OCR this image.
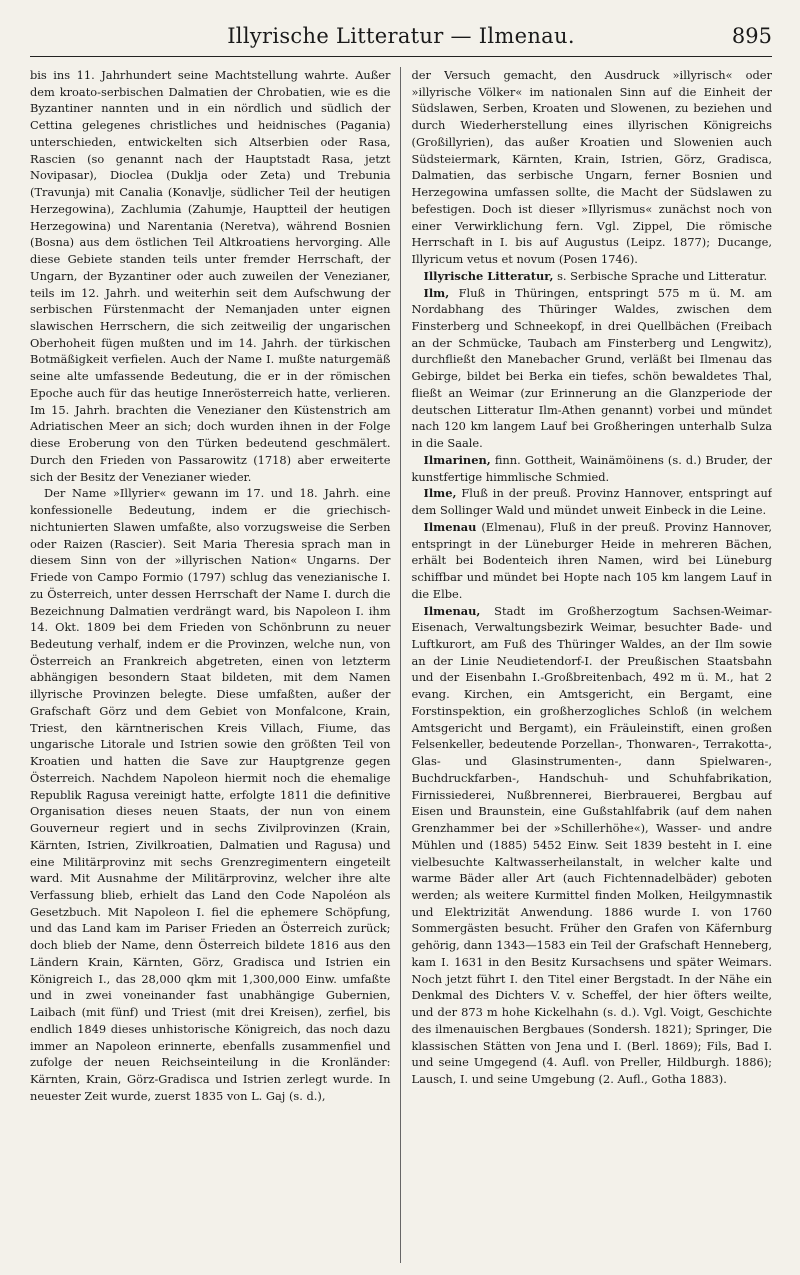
Illyrische Litteratur — Ilmenau.	895

bis ins 11. Jahrhundert seine Machtstellung wahrte. Außer dem kroato-serbischen Dalmatien der Chrobatien, wie es die Byzantiner nannten und in ein nördlich und südlich der Cettina gelegenes christliches und heidnisches (Pagania) unterschieden, entwickelten sich Altserbien oder Rasa, Rascien (so genannt nach der Hauptstadt Rasa, jetzt Novipasar), Dioclea (Duklja oder Zeta) und Trebunia (Travunja) mit Canalia (Konavlje, südlicher Teil der heutigen Herzegowina), Zachlumia (Zahumje, Hauptteil der heutigen Herzegowina) und Narentania (Neretva), während Bosnien (Bosna) aus dem östlichen Teil Altkroatiens hervorging. Alle diese Gebiete standen teils unter fremder Herrschaft, der Ungarn, der Byzantiner oder auch zuweilen der Venezianer, teils im 12. Jahrh. und weiterhin seit dem Aufschwung der serbischen Fürstenmacht der Nemanjaden unter eignen slawischen Herrschern, die sich zeitweilig der ungarischen Oberhoheit fügen mußten und im 14. Jahrh. der türkischen Botmäßigkeit verfielen. Auch der Name I. mußte naturgemäß seine alte umfassende Bedeutung, die er in der römischen Epoche auch für das heutige Innerösterreich hatte, verlieren. Im 15. Jahrh. brachten die Venezianer den Küstenstrich am Adriatischen Meer an sich; doch wurden ihnen in der Folge diese Eroberung von den Türken bedeutend geschmälert. Durch den Frieden von Passarowitz (1718) aber erweiterte sich der Besitz der Venezianer wieder.

Der Name »Illyrier« gewann im 17. und 18. Jahrh. eine konfessionelle Bedeutung, indem er die griechisch-nichtunierten Slawen umfaßte, also vorzugsweise die Serben oder Raizen (Rascier). Seit Maria Theresia sprach man in diesem Sinn von der »illyrischen Nation« Ungarns. Der Friede von Campo Formio (1797) schlug das venezianische I. zu Österreich, unter dessen Herrschaft der Name I. durch die Bezeichnung Dalmatien verdrängt ward, bis Napoleon I. ihm 14. Okt. 1809 bei dem Frieden von Schönbrunn zu neuer Bedeutung verhalf, indem er die Provinzen, welche nun, von Österreich an Frankreich abgetreten, einen von letzterm abhängigen besondern Staat bildeten, mit dem Namen illyrische Provinzen belegte. Diese umfaßten, außer der Grafschaft Görz und dem Gebiet von Monfalcone, Krain, Triest, den kärntnerischen Kreis Villach, Fiume, das ungarische Litorale und Istrien sowie den größten Teil von Kroatien und hatten die Save zur Hauptgrenze gegen Österreich. Nachdem Napoleon hiermit noch die ehemalige Republik Ragusa vereinigt hatte, erfolgte 1811 die definitive Organisation dieses neuen Staats, der nun von einem Gouverneur regiert und in sechs Zivilprovinzen (Krain, Kärnten, Istrien, Zivilkroatien, Dalmatien und Ragusa) und eine Militärprovinz mit sechs Grenzregimentern eingeteilt ward. Mit Ausnahme der Militärprovinz, welcher ihre alte Verfassung blieb, erhielt das Land den Code Napoléon als Gesetzbuch. Mit Napoleon I. fiel die ephemere Schöpfung, und das Land kam im Pariser Frieden an Österreich zurück; doch blieb der Name, denn Österreich bildete 1816 aus den Ländern Krain, Kärnten, Görz, Gradisca und Istrien ein Königreich I., das 28,000 qkm mit 1,300,000 Einw. umfaßte und in zwei voneinander fast unabhängige Gubernien, Laibach (mit fünf) und Triest (mit drei Kreisen), zerfiel, bis endlich 1849 dieses unhistorische Königreich, das noch dazu immer an Napoleon erinnerte, ebenfalls zusammenfiel und zufolge der neuen Reichseinteilung in die Kronländer: Kärnten, Krain, Görz-Gradisca und Istrien zerlegt wurde. In neuester Zeit wurde, zuerst 1835 von L. Gaj (s. d.),

der Versuch gemacht, den Ausdruck »illyrisch« oder »illyrische Völker« im nationalen Sinn auf die Einheit der Südslawen, Serben, Kroaten und Slowenen, zu beziehen und durch Wiederherstellung eines illyrischen Königreichs (Großillyrien), das außer Kroatien und Slowenien auch Südsteiermark, Kärnten, Krain, Istrien, Görz, Gradisca, Dalmatien, das serbische Ungarn, ferner Bosnien und Herzegowina umfassen sollte, die Macht der Südslawen zu befestigen. Doch ist dieser »Illyrismus« zunächst noch von einer Verwirklichung fern. Vgl. Zippel, Die römische Herrschaft in I. bis auf Augustus (Leipz. 1877); Ducange, Illyricum vetus et novum (Posen 1746).

Illyrische Litteratur, s. Serbische Sprache und Litteratur.

Ilm, Fluß in Thüringen, entspringt 575 m ü. M. am Nordabhang des Thüringer Waldes, zwischen dem Finsterberg und Schneekopf, in drei Quellbächen (Freibach an der Schmücke, Taubach am Finsterberg und Lengwitz), durchfließt den Manebacher Grund, verläßt bei Ilmenau das Gebirge, bildet bei Berka ein tiefes, schön bewaldetes Thal, fließt an Weimar (zur Erinnerung an die Glanzperiode der deutschen Litteratur Ilm-Athen genannt) vorbei und mündet nach 120 km langem Lauf bei Großheringen unterhalb Sulza in die Saale.

Ilmarinen, finn. Gottheit, Wainämöinens (s. d.) Bruder, der kunstfertige himmlische Schmied.

Ilme, Fluß in der preuß. Provinz Hannover, entspringt auf dem Sollinger Wald und mündet unweit Einbeck in die Leine.

Ilmenau (Elmenau), Fluß in der preuß. Provinz Hannover, entspringt in der Lüneburger Heide in mehreren Bächen, erhält bei Bodenteich ihren Namen, wird bei Lüneburg schiffbar und mündet bei Hopte nach 105 km langem Lauf in die Elbe.

Ilmenau, Stadt im Großherzogtum Sachsen-Weimar-Eisenach, Verwaltungsbezirk Weimar, besuchter Bade- und Luftkurort, am Fuß des Thüringer Waldes, an der Ilm sowie an der Linie Neudietendorf-I. der Preußischen Staatsbahn und der Eisenbahn I.-Großbreitenbach, 492 m ü. M., hat 2 evang. Kirchen, ein Amtsgericht, ein Bergamt, eine Forstinspektion, ein großherzogliches Schloß (in welchem Amtsgericht und Bergamt), ein Fräuleinstift, einen großen Felsenkeller, bedeutende Porzellan-, Thonwaren-, Terrakotta-, Glas- und Glasinstrumenten-, dann Spielwaren-, Buchdruckfarben-, Handschuh- und Schuhfabrikation, Firnissiederei, Nußbrennerei, Bierbrauerei, Bergbau auf Eisen und Braunstein, eine Gußstahlfabrik (auf dem nahen Grenzhammer bei der »Schillerhöhe«), Wasser- und andre Mühlen und (1885) 5452 Einw. Seit 1839 besteht in I. eine vielbesuchte Kaltwasserheilanstalt, in welcher kalte und warme Bäder aller Art (auch Fichtennadelbäder) geboten werden; als weitere Kurmittel finden Molken, Heilgymnastik und Elektrizität Anwendung. 1886 wurde I. von 1760 Sommergästen besucht. Früher den Grafen von Käfernburg gehörig, dann 1343—1583 ein Teil der Grafschaft Henneberg, kam I. 1631 in den Besitz Kursachsens und später Weimars. Noch jetzt führt I. den Titel einer Bergstadt. In der Nähe ein Denkmal des Dichters V. v. Scheffel, der hier öfters weilte, und der 873 m hohe Kickelhahn (s. d.). Vgl. Voigt, Geschichte des ilmenauischen Bergbaues (Sondersh. 1821); Springer, Die klassischen Stätten von Jena und I. (Berl. 1869); Fils, Bad I. und seine Umgegend (4. Aufl. von Preller, Hildburgh. 1886); Lausch, I. und seine Umgebung (2. Aufl., Gotha 1883).
